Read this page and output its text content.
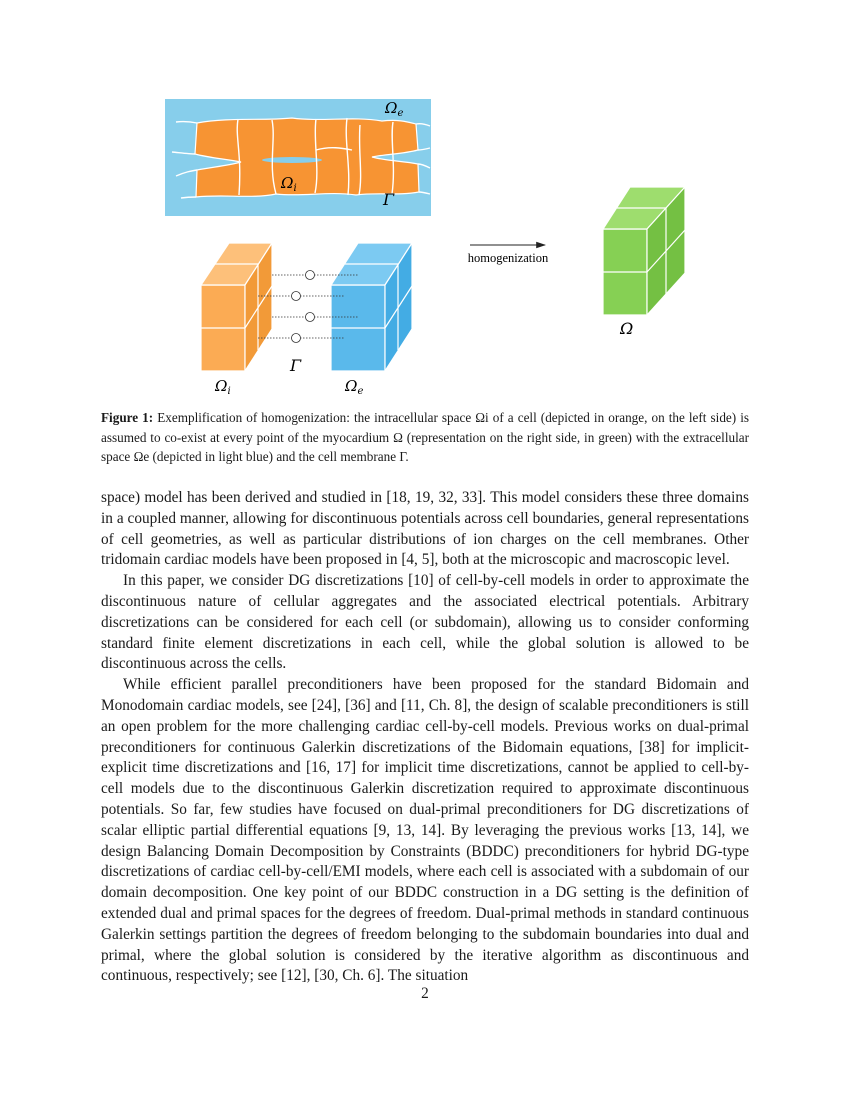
$\Omega_e$
$\Omega_i$
Γ
Γ
$\Omega_i$	$\Omega_e$
homogenization
Ω
Figure 1: Exemplification of homogenization: the intracellular space Ωi of a cell (depicted in orange, on the left side) is assumed to co-exist at every point of the myocardium Ω (representation on the right side, in green) with the extracellular space Ωe (depicted in light blue) and the cell membrane Γ.

space) model has been derived and studied in [18, 19, 32, 33]. This model considers these three domains in a coupled manner, allowing for discontinuous potentials across cell boundaries, general representations of cell geometries, as well as particular distributions of ion charges on the cell membranes. Other tridomain cardiac models have been proposed in [4, 5], both at the microscopic and macroscopic level.

In this paper, we consider DG discretizations [10] of cell-by-cell models in order to approximate the discontinuous nature of cellular aggregates and the associated electrical potentials. Arbitrary discretizations can be considered for each cell (or subdomain), allowing us to consider conforming standard finite element discretizations in each cell, while the global solution is allowed to be discontinuous across the cells.

While efficient parallel preconditioners have been proposed for the standard Bidomain and Monodomain cardiac models, see [24], [36] and [11, Ch. 8], the design of scalable preconditioners is still an open problem for the more challenging cardiac cell-by-cell models. Previous works on dual-primal preconditioners for continuous Galerkin discretizations of the Bidomain equations, [38] for implicit-explicit time discretizations and [16, 17] for implicit time discretizations, cannot be applied to cell-by-cell models due to the discontinuous Galerkin discretization required to approximate discontinuous potentials. So far, few studies have focused on dual-primal preconditioners for DG discretizations of scalar elliptic partial differential equations [9, 13, 14]. By leveraging the previous works [13, 14], we design Balancing Domain Decomposition by Constraints (BDDC) preconditioners for hybrid DG-type discretizations of cardiac cell-by-cell/EMI models, where each cell is associated with a subdomain of our domain decomposition. One key point of our BDDC construction in a DG setting is the definition of extended dual and primal spaces for the degrees of freedom. Dual-primal methods in standard continuous Galerkin settings partition the degrees of freedom belonging to the subdomain boundaries into dual and primal, where the global solution is considered by the iterative algorithm as discontinuous and continuous, respectively; see [12], [30, Ch. 6]. The situation

2
